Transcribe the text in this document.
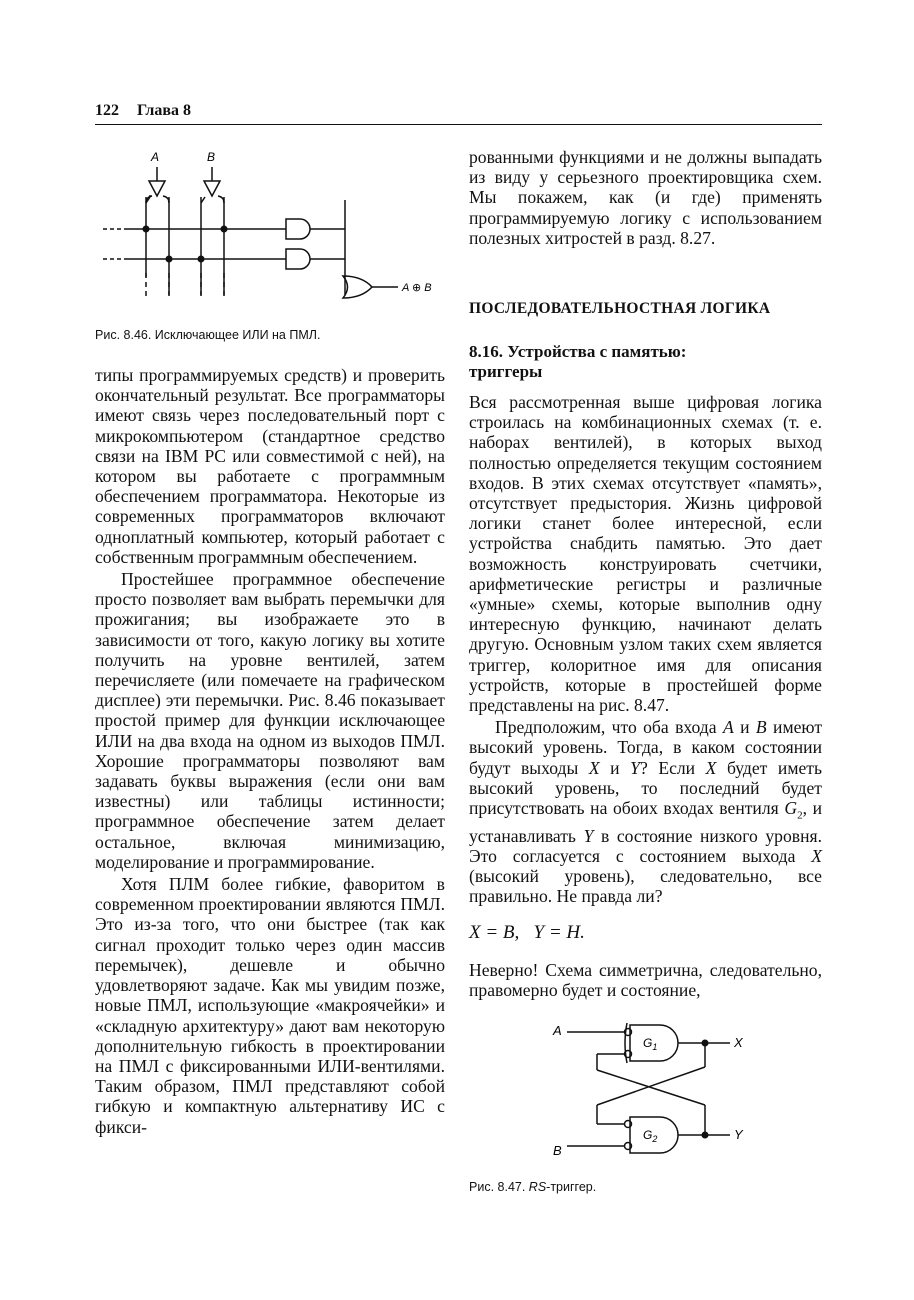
122 Глава 8
A	B
A ⊕ B
Рис. 8.46. Исключающее ИЛИ на ПМЛ.

типы программируемых средств) и проверить окончательный результат. Все программаторы имеют связь через последовательный порт с микрокомпьютером (стандартное средство связи на IBM PC или совместимой с ней), на котором вы работаете с программным обеспечением программатора. Некоторые из современных программаторов включают одноплатный компьютер, который работает с собственным программным обеспечением.

Простейшее программное обеспечение просто позволяет вам выбрать перемычки для прожигания; вы изображаете это в зависимости от того, какую логику вы хотите получить на уровне вентилей, затем перечисляете (или помечаете на графическом дисплее) эти перемычки. Рис. 8.46 показывает простой пример для функции исключающее ИЛИ на два входа на одном из выходов ПМЛ. Хорошие программаторы позволяют вам задавать буквы выражения (если они вам известны) или таблицы истинности; программное обеспечение затем делает остальное, включая минимизацию, моделирование и программирование.

Хотя ПЛМ более гибкие, фаворитом в современном проектировании являются ПМЛ. Это из-за того, что они быстрее (так как сигнал проходит только через один массив перемычек), дешевле и обычно удовлетворяют задаче. Как мы увидим позже, новые ПМЛ, использующие «макроячейки» и «складную архитектуру» дают вам некоторую дополнительную гибкость в проектировании на ПМЛ с фиксированными ИЛИ-вентилями. Таким образом, ПМЛ представляют собой гибкую и компактную альтернативу ИС с фикси-

рованными функциями и не должны выпадать из виду у серьезного проектировщика схем. Мы покажем, как (и где) применять программируемую логику с использованием полезных хитростей в разд. 8.27.

ПОСЛЕДОВАТЕЛЬНОСТНАЯ ЛОГИКА
8.16. Устройства с памятью:
триггеры

Вся рассмотренная выше цифровая логика строилась на комбинационных схемах (т. е. наборах вентилей), в которых выход полностью определяется текущим состоянием входов. В этих схемах отсутствует «память», отсутствует предыстория. Жизнь цифровой логики станет более интересной, если устройства снабдить памятью. Это дает возможность конструировать счетчики, арифметические регистры и различные «умные» схемы, которые выполнив одну интересную функцию, начинают делать другую. Основным узлом таких схем является триггер, колоритное имя для описания устройств, которые в простейшей форме представлены на рис. 8.47.

Предположим, что оба входа A и B имеют высокий уровень. Тогда, в каком состоянии будут выходы X и Y? Если X будет иметь высокий уровень, то последний будет присутствовать на обоих входах вентиля $G_2$, и устанавливать Y в состояние низкого уровня. Это согласуется с состоянием выхода X (высокий уровень), следовательно, все правильно. Не правда ли?

X = B,   Y = H.

Неверно! Схема симметрична, следовательно, правомерно будет и состояние,

A
B
X
Y
$G_1$
$G_2$
Рис. 8.47. RS-триггер.
